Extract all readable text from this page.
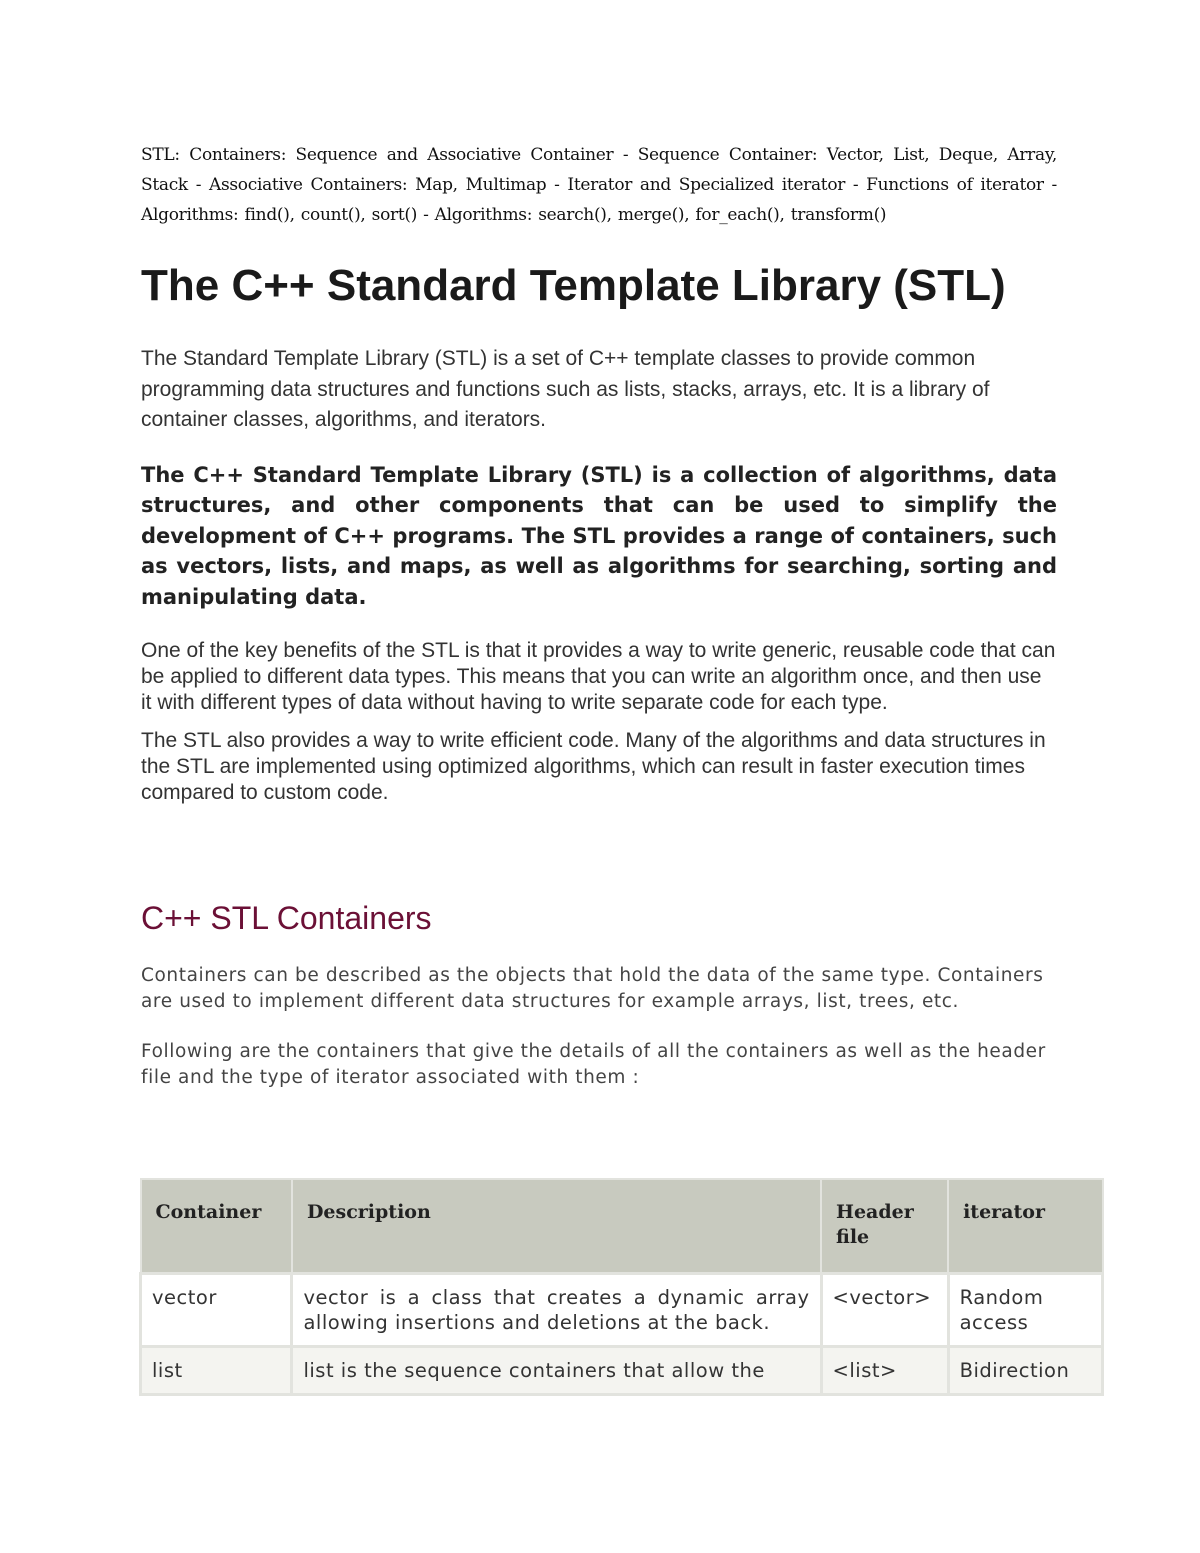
STL: Containers: Sequence and Associative Container - Sequence Container: Vector, List, Deque, Array, Stack - Associative Containers: Map, Multimap - Iterator and Specialized iterator - Functions of iterator - Algorithms: find(), count(), sort() - Algorithms: search(), merge(), for_each(), transform()

The C++ Standard Template Library (STL)

The Standard Template Library (STL) is a set of C++ template classes to provide common programming data structures and functions such as lists, stacks, arrays, etc. It is a library of container classes, algorithms, and iterators.

The C++ Standard Template Library (STL) is a collection of algorithms, data structures, and other components that can be used to simplify the development of C++ programs. The STL provides a range of containers, such as vectors, lists, and maps, as well as algorithms for searching, sorting and manipulating data.

One of the key benefits of the STL is that it provides a way to write generic, reusable code that can be applied to different data types. This means that you can write an algorithm once, and then use it with different types of data without having to write separate code for each type.

The STL also provides a way to write efficient code. Many of the algorithms and data structures in the STL are implemented using optimized algorithms, which can result in faster execution times compared to custom code.

C++ STL Containers

Containers can be described as the objects that hold the data of the same type. Containers are used to implement different data structures for example arrays, list, trees, etc.

Following are the containers that give the details of all the containers as well as the header file and the type of iterator associated with them :

Container	Description	Header file	iterator
vector	vector is a class that creates a dynamic array allowing insertions and deletions at the back.	<vector>	Random access
list	list is the sequence containers that allow the	<list>	Bidirection
